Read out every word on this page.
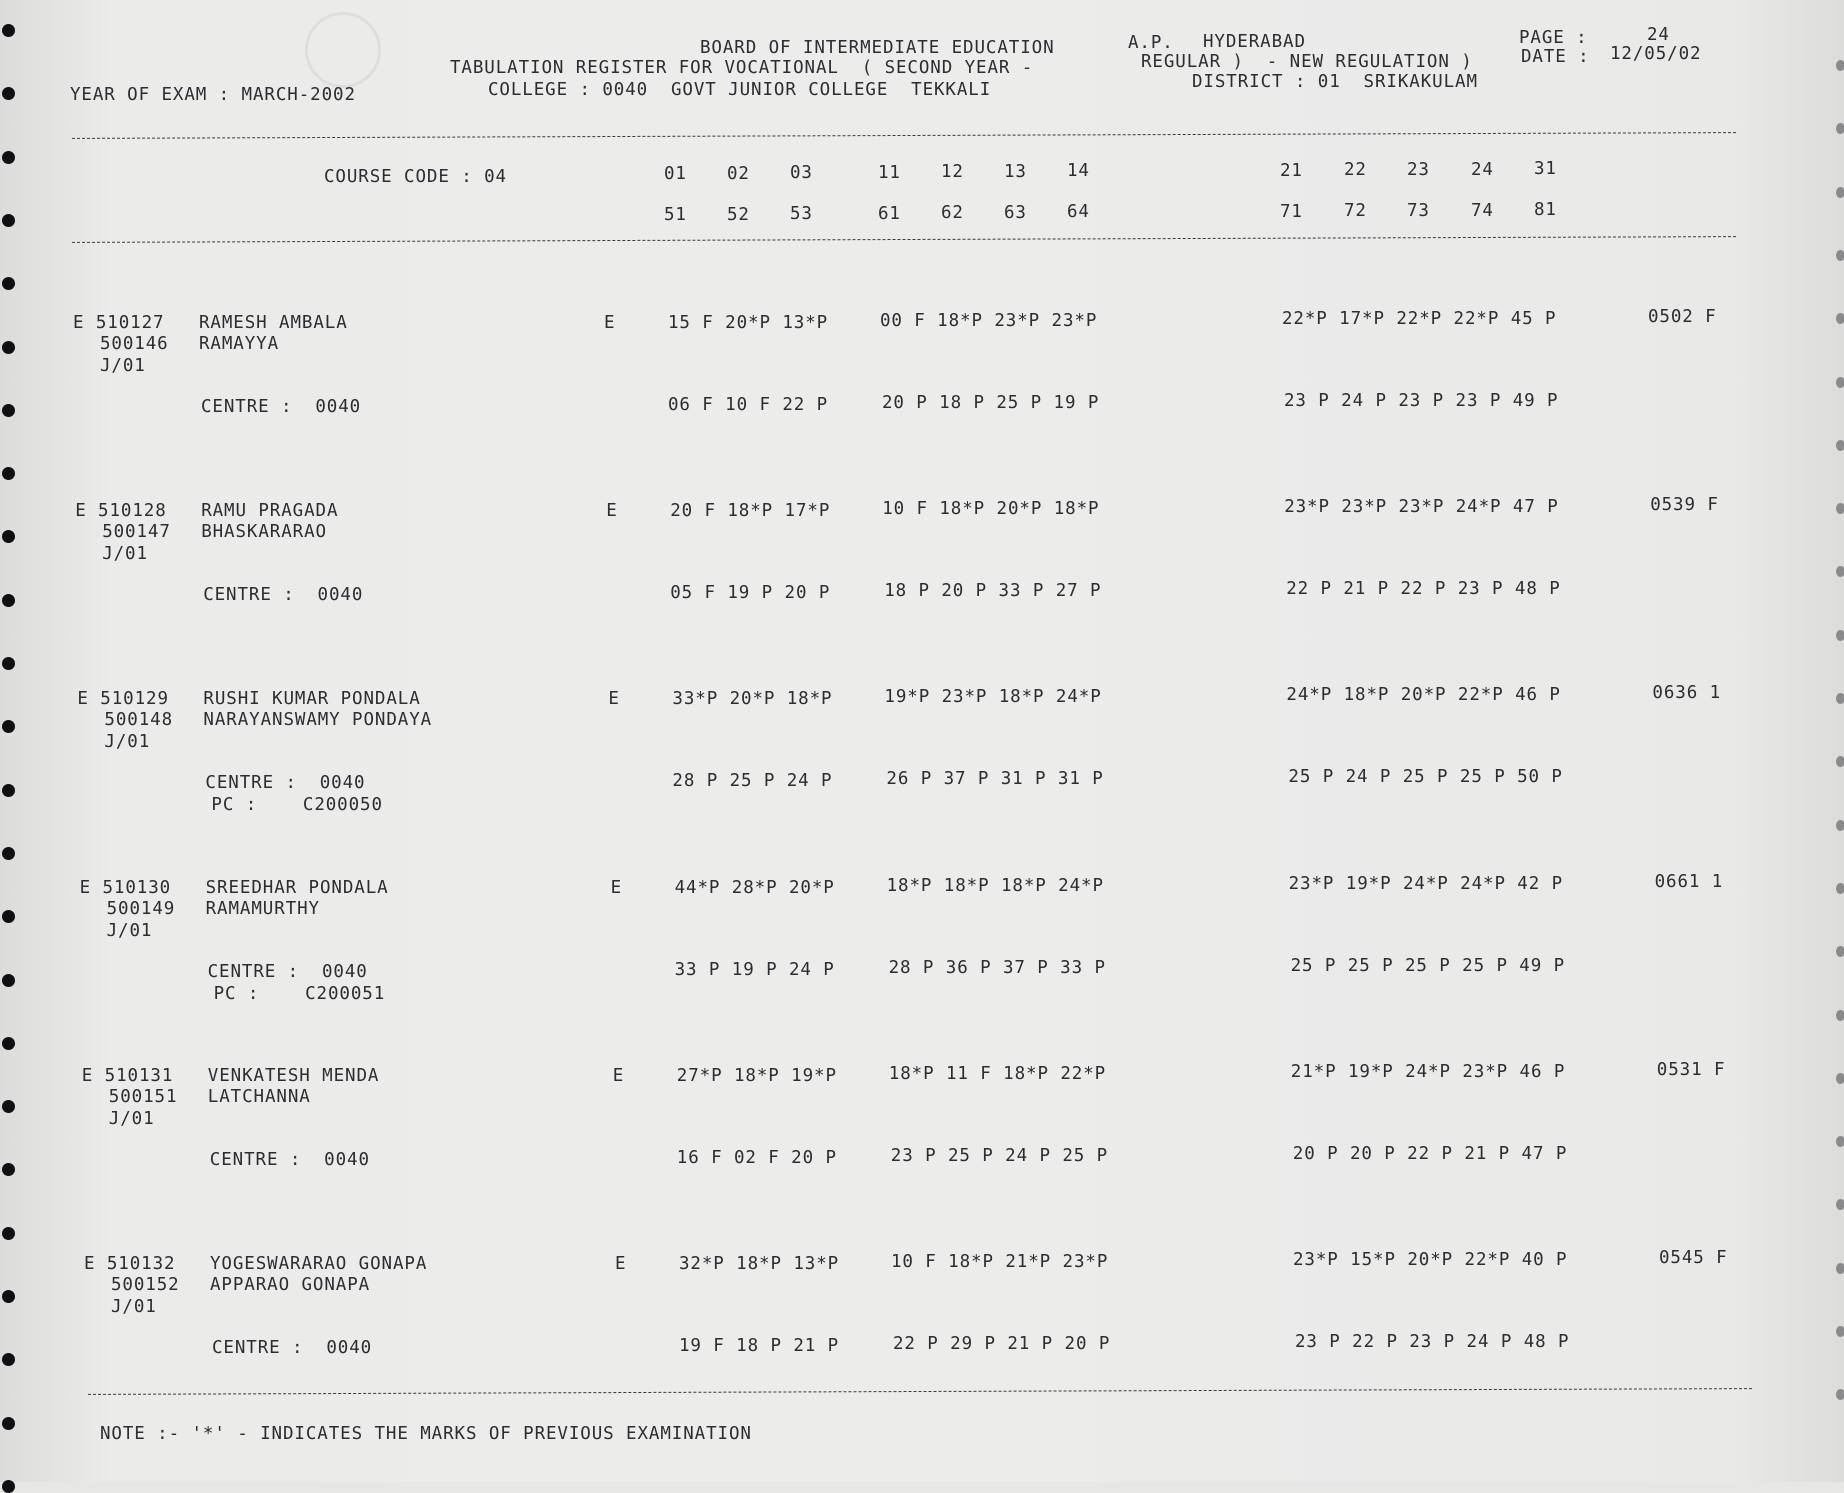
BOARD OF INTERMEDIATE EDUCATION	A.P. HYDERABAD	PAGE :	24
TABULATION REGISTER FOR VOCATIONAL  ( SECOND YEAR -	REGULAR )  - NEW REGULATION )	DATE : 12/05/02
YEAR OF EXAM : MARCH-2002	COLLEGE : 0040  GOVT JUNIOR COLLEGE  TEKKALI	DISTRICT : 01  SRIKAKULAM
COURSE CODE : 04	01 02 03	11 12 13 14	21 22 23 24 31
51 52 53	61 62 63 64	71 72 73 74 81
E 510127 RAMESH AMBALA
500146 RAMAYYA
J/01
E	15 F 20*P 13*P	00 F 18*P 23*P 23*P	22*P 17*P 22*P 22*P 45 P	0502 F
CENTRE :  0040	06 F 10 F 22 P	20 P 18 P 25 P 19 P	23 P 24 P 23 P 23 P 49 P
E 510128 RAMU PRAGADA
500147 BHASKARARAO
J/01
E	20 F 18*P 17*P	10 F 18*P 20*P 18*P	23*P 23*P 23*P 24*P 47 P	0539 F
CENTRE :  0040	05 F 19 P 20 P	18 P 20 P 33 P 27 P	22 P 21 P 22 P 23 P 48 P
E 510129 RUSHI KUMAR PONDALA
500148 NARAYANSWAMY PONDAYA
J/01
E	33*P 20*P 18*P	19*P 23*P 18*P 24*P	24*P 18*P 20*P 22*P 46 P	0636 1
CENTRE :  0040
PC :    C200050
28 P 25 P 24 P	26 P 37 P 31 P 31 P	25 P 24 P 25 P 25 P 50 P
E 510130 SREEDHAR PONDALA
500149 RAMAMURTHY
J/01
E	44*P 28*P 20*P	18*P 18*P 18*P 24*P	23*P 19*P 24*P 24*P 42 P	0661 1
CENTRE :  0040
PC :    C200051
33 P 19 P 24 P	28 P 36 P 37 P 33 P	25 P 25 P 25 P 25 P 49 P
E 510131 VENKATESH MENDA
500151 LATCHANNA
J/01
E	27*P 18*P 19*P	18*P 11 F 18*P 22*P	21*P 19*P 24*P 23*P 46 P	0531 F
CENTRE :  0040	16 F 02 F 20 P	23 P 25 P 24 P 25 P	20 P 20 P 22 P 21 P 47 P
E 510132 YOGESWARARAO GONAPA
500152 APPARAO GONAPA
J/01
E	32*P 18*P 13*P	10 F 18*P 21*P 23*P	23*P 15*P 20*P 22*P 40 P	0545 F
CENTRE :  0040	19 F 18 P 21 P	22 P 29 P 21 P 20 P	23 P 22 P 23 P 24 P 48 P
NOTE :- '*' - INDICATES THE MARKS OF PREVIOUS EXAMINATION
